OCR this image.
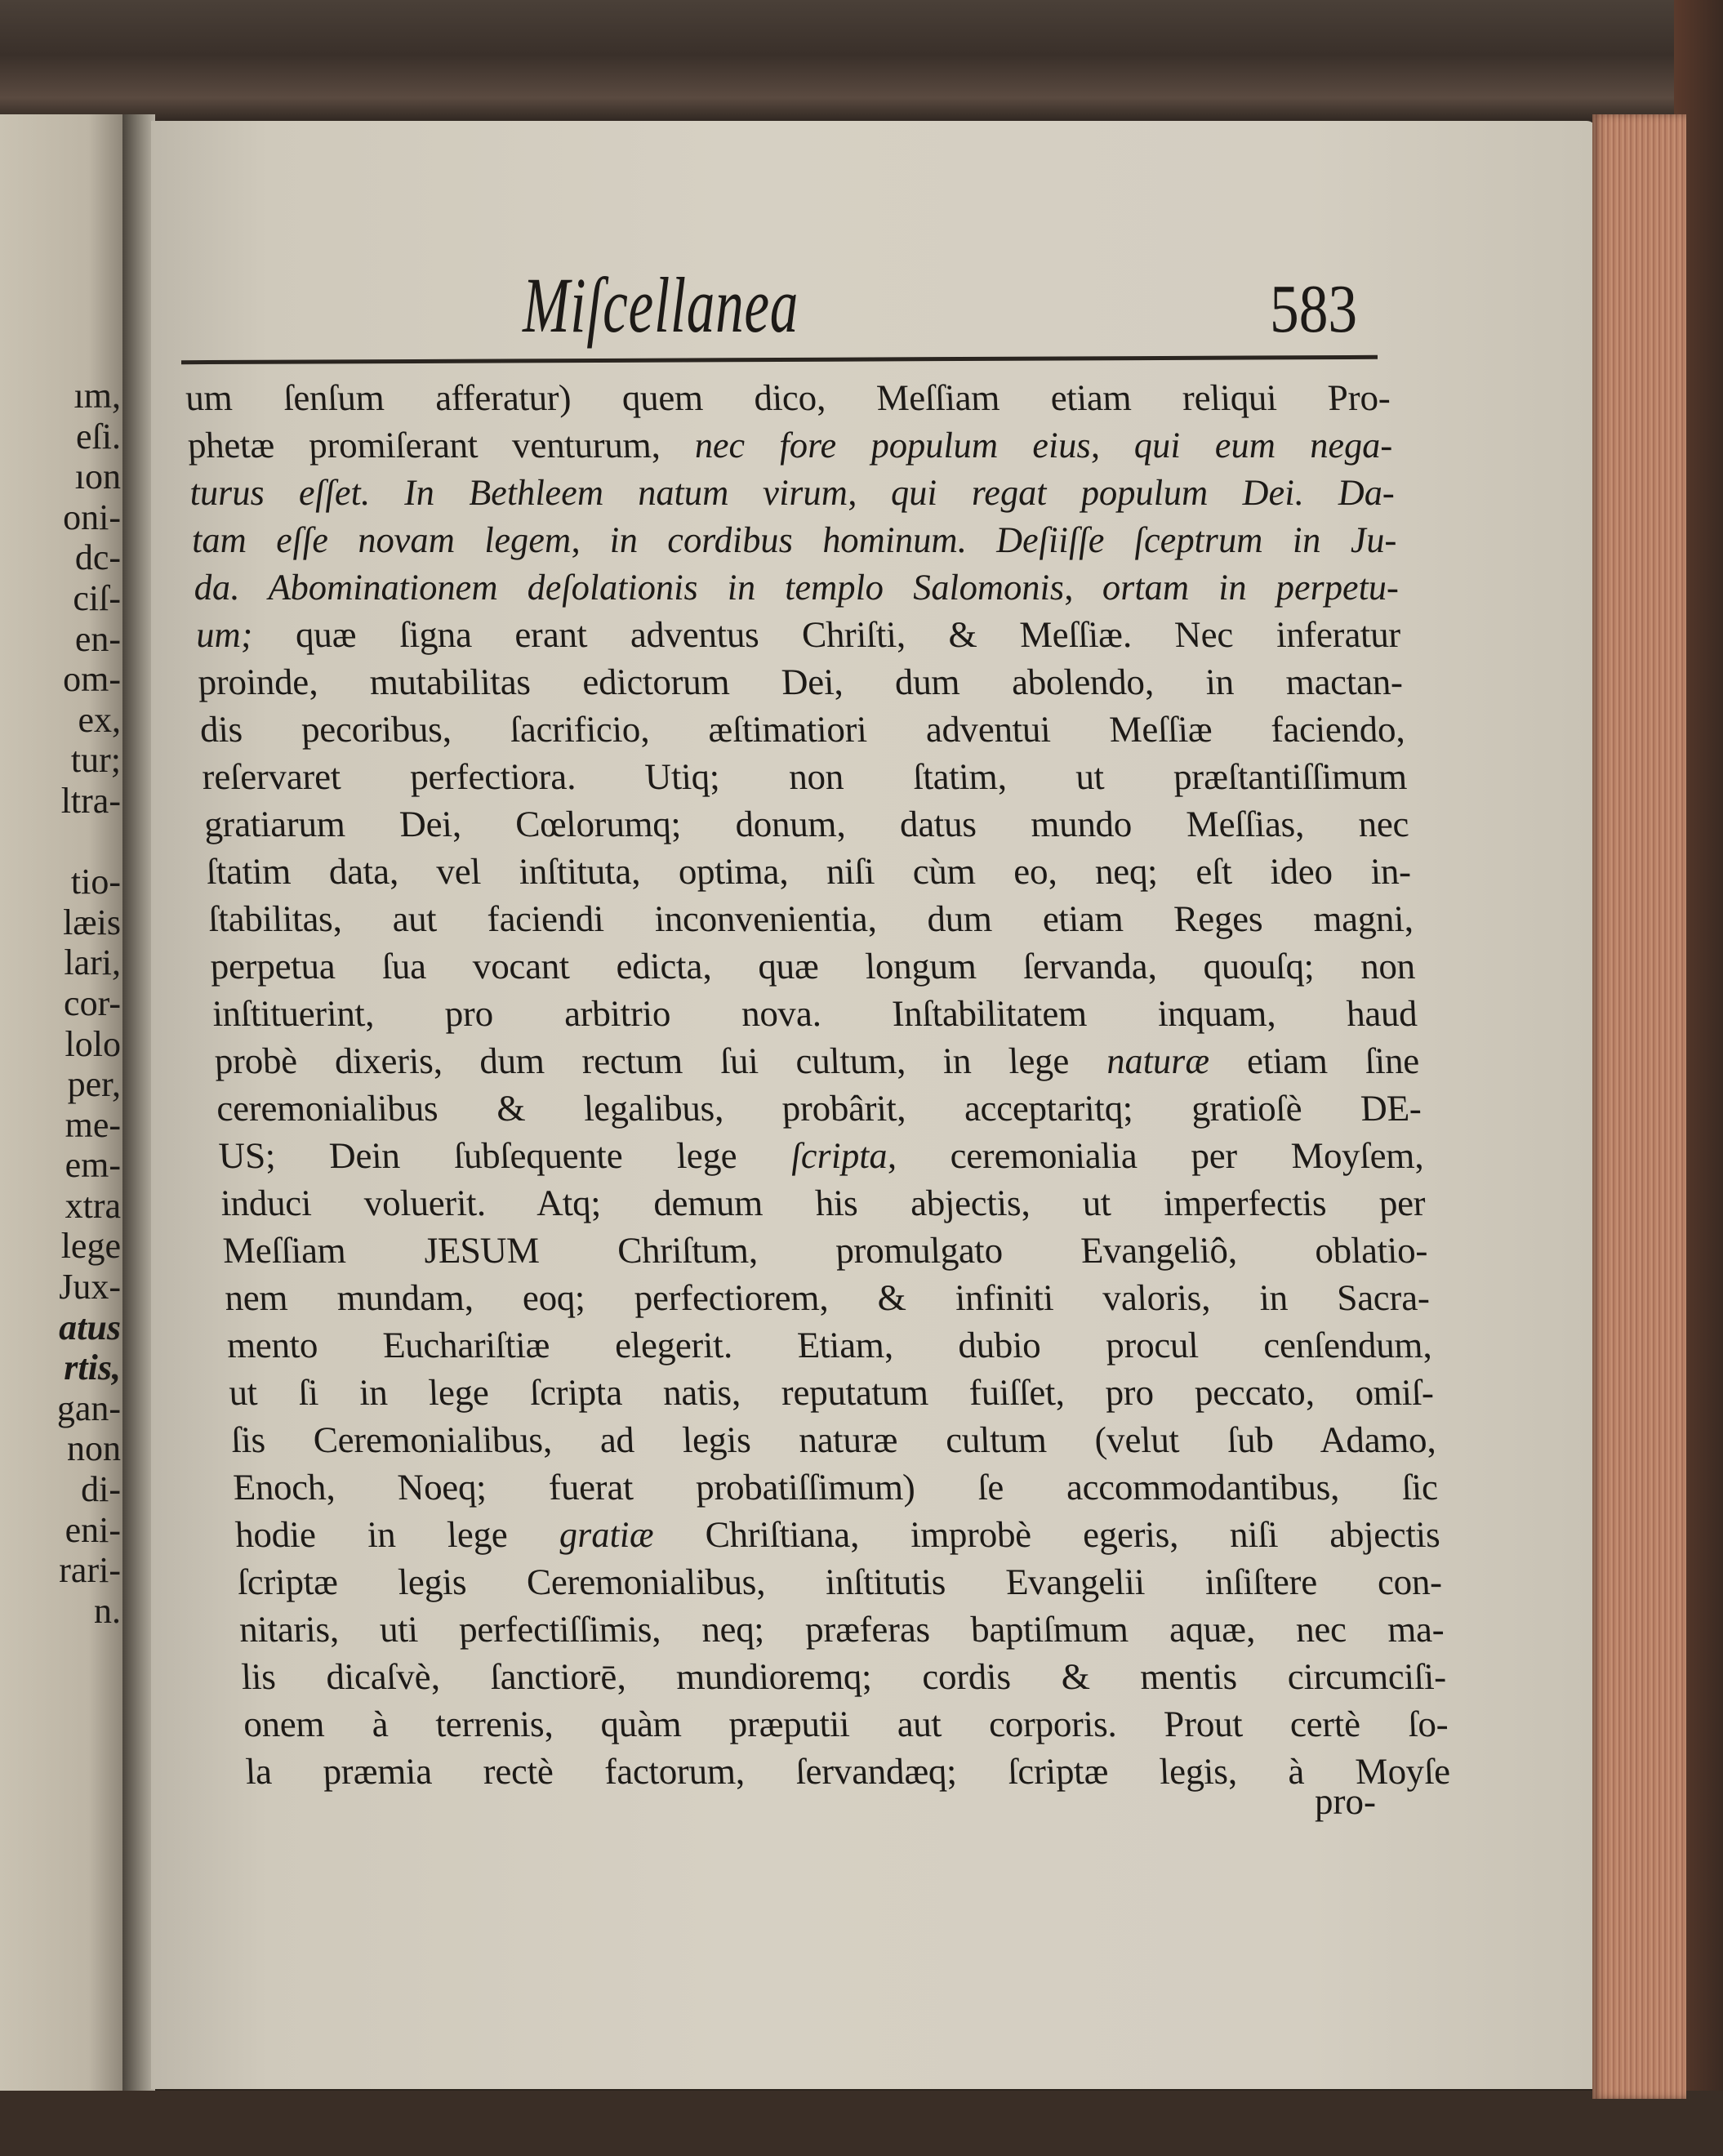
ım,
eſi.
ıon
oni-
dc-
ciſ-
en-
om-
ex,
tur;
ltra-
tio-
læis
lari,
cor-
lolo
per,
me-
em-
xtra
lege
Jux-
atus
rtis,
gan-
non
di-
eni-
rari-
n.
Miſcellanea	583
um ſenſum afferatur) quem dico, Meſſiam etiam reliqui Pro-
phetæ promiſerant venturum, nec fore populum eius, qui eum nega-
turus eſſet. In Bethleem natum virum, qui regat populum Dei. Da-
tam eſſe novam legem, in cordibus hominum. Deſiiſſe ſceptrum in Ju-
da. Abominationem deſolationis in templo Salomonis, ortam in perpetu-
um; quæ ſigna erant adventus Chriſti, & Meſſiæ. Nec inferatur
proinde, mutabilitas edictorum Dei, dum abolendo, in mactan-
dis pecoribus, ſacrificio, æſtimatiori adventui Meſſiæ faciendo,
reſervaret perfectiora. Utiq; non ſtatim, ut præſtantiſſimum
gratiarum Dei, Cœlorumq; donum, datus mundo Meſſias, nec
ſtatim data, vel inſtituta, optima, niſi cùm eo, neq; eſt ideo in-
ſtabilitas, aut faciendi inconvenientia, dum etiam Reges magni,
perpetua ſua vocant edicta, quæ longum ſervanda, quouſq; non
inſtituerint, pro arbitrio nova. Inſtabilitatem inquam, haud
probè dixeris, dum rectum ſui cultum, in lege naturæ etiam ſine
ceremonialibus & legalibus, probârit, acceptaritq; gratioſè DE-
US; Dein ſubſequente lege ſcripta, ceremonialia per Moyſem,
induci voluerit. Atq; demum his abjectis, ut imperfectis per
Meſſiam JESUM Chriſtum, promulgato Evangeliô, oblatio-
nem mundam, eoq; perfectiorem, & infiniti valoris, in Sacra-
mento Euchariſtiæ elegerit. Etiam, dubio procul cenſendum,
ut ſi in lege ſcripta natis, reputatum fuiſſet, pro peccato, omiſ-
ſis Ceremonialibus, ad legis naturæ cultum (velut ſub Adamo,
Enoch, Noeq; fuerat probatiſſimum) ſe accommodantibus, ſic
hodie in lege gratiæ Chriſtiana, improbè egeris, niſi abjectis
ſcriptæ legis Ceremonialibus, inſtitutis Evangelii inſiſtere con-
nitaris, uti perfectiſſimis, neq; præferas baptiſmum aquæ, nec ma-
lis dicaſvè, ſanctiorē, mundioremq; cordis & mentis circumciſi-
onem à terrenis, quàm præputii aut corporis. Prout certè ſo-
la præmia rectè factorum, ſervandæq; ſcriptæ legis, à Moyſe
pro-
